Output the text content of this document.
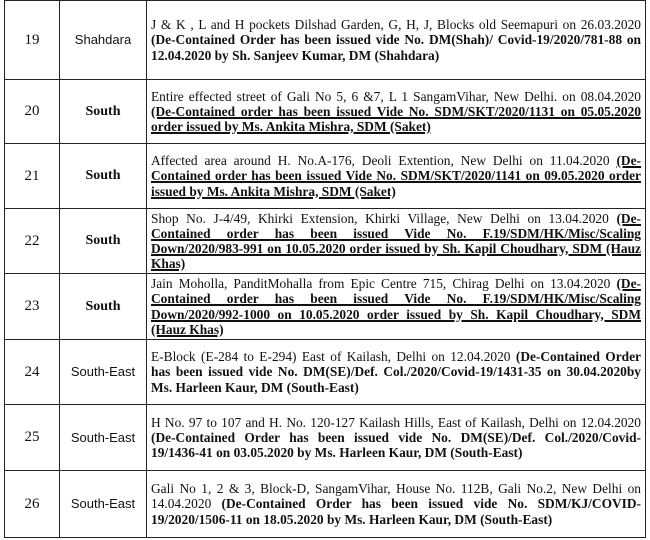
19	Shahdara	J & K , L and H pockets Dilshad Garden, G, H, J, Blocks old Seemapuri on 26.03.2020 (De-Contained Order has been issued vide No. DM(Shah)/ Covid-19/2020/781-88 on 12.04.2020 by Sh. Sanjeev Kumar, DM (Shahdara)
20	South	Entire effected street of Gali No 5, 6 &7, L 1 SangamVihar, New Delhi. on 08.04.2020 (De-Contained order has been issued Vide No. SDM/SKT/2020/1131 on 05.05.2020 order issued by Ms. Ankita Mishra, SDM (Saket)
21	South	Affected area around H. No.A-176, Deoli Extention, New Delhi on 11.04.2020 (De-Contained order has been issued Vide No. SDM/SKT/2020/1141 on 09.05.2020 order issued by Ms. Ankita Mishra, SDM (Saket)
22	South	Shop No. J-4/49, Khirki Extension, Khirki Village, New Delhi on 13.04.2020 (De-Contained order has been issued Vide No. F.19/SDM/HK/Misc/Scaling Down/2020/983-991 on 10.05.2020 order issued by Sh. Kapil Choudhary, SDM (Hauz Khas)
23	South	Jain Moholla, PanditMohalla from Epic Centre 715, Chirag Delhi on 13.04.2020 (De-Contained order has been issued Vide No. F.19/SDM/HK/Misc/Scaling Down/2020/992-1000 on 10.05.2020 order issued by Sh. Kapil Choudhary, SDM (Hauz Khas)
24	South-East	E-Block (E-284 to E-294) East of Kailash, Delhi on 12.04.2020 (De-Contained Order has been issued vide No. DM(SE)/Def. Col./2020/Covid-19/1431-35 on 30.04.2020by Ms. Harleen Kaur, DM (South-East)
25	South-East	H No. 97 to 107 and H. No. 120-127 Kailash Hills, East of Kailash, Delhi on 12.04.2020 (De-Contained Order has been issued vide No. DM(SE)/Def. Col./2020/Covid-19/1436-41 on 03.05.2020 by Ms. Harleen Kaur, DM (South-East)
26	South-East	Gali No 1, 2 & 3, Block-D, SangamVihar, House No. 112B, Gali No.2, New Delhi on 14.04.2020 (De-Contained Order has been issued vide No. SDM/KJ/COVID-19/2020/1506-11 on 18.05.2020 by Ms. Harleen Kaur, DM (South-East)
